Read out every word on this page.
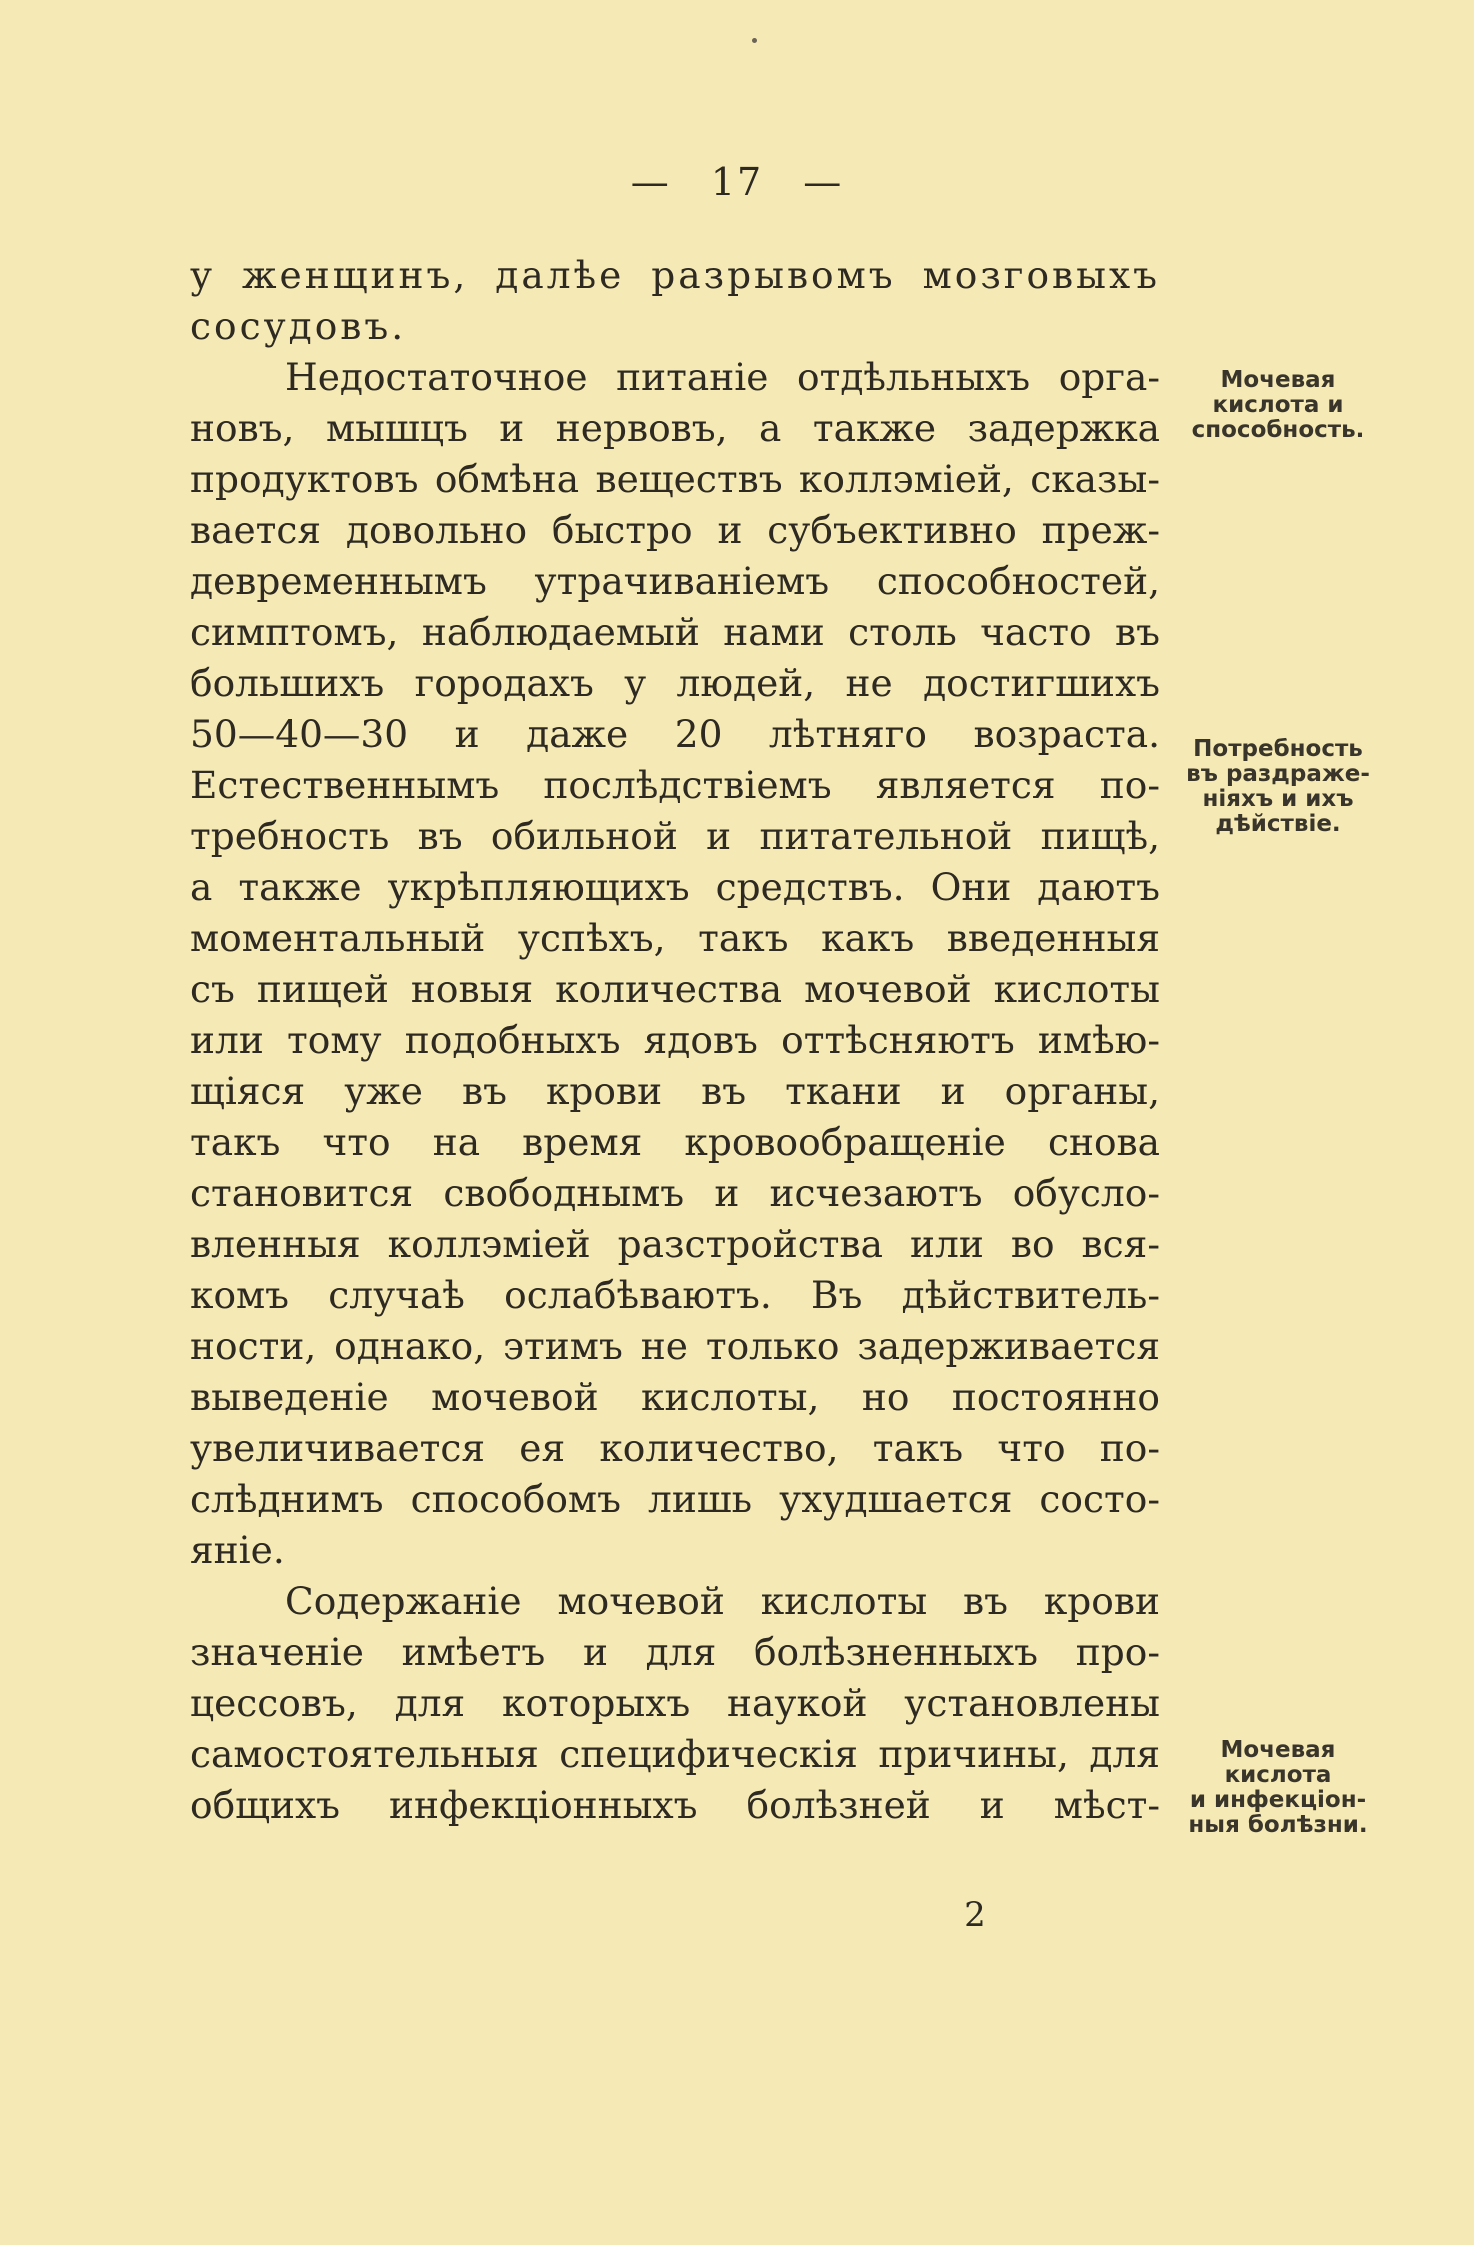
— 17 —
у женщинъ, далѣе разрывомъ мозговыхъ
сосудовъ.
Недостаточное питаніе отдѣльныхъ орга-
новъ, мышцъ и нервовъ, а также задержка
продуктовъ обмѣна веществъ коллэміей, сказы-
вается довольно быстро и субъективно преж-
девременнымъ утрачиваніемъ способностей,
симптомъ, наблюдаемый нами столь часто въ
большихъ городахъ у людей, не достигшихъ
50—40—30 и даже 20 лѣтняго возраста.
Естественнымъ послѣдствіемъ является по-
требность въ обильной и питательной пищѣ,
а также укрѣпляющихъ средствъ. Они даютъ
моментальный успѣхъ, такъ какъ введенныя
съ пищей новыя количества мочевой кислоты
или тому подобныхъ ядовъ оттѣсняютъ имѣю-
щіяся уже въ крови въ ткани и органы,
такъ что на время кровообращеніе снова
становится свободнымъ и исчезаютъ обусло-
вленныя коллэміей разстройства или во вся-
комъ случаѣ ослабѣваютъ. Въ дѣйствитель-
ности, однако, этимъ не только задерживается
выведеніе мочевой кислоты, но постоянно
увеличивается ея количество, такъ что по-
слѣднимъ способомъ лишь ухудшается состо-
яніе.
Содержаніе мочевой кислоты въ крови
значеніе имѣетъ и для болѣзненныхъ про-
цессовъ, для которыхъ наукой установлены
самостоятельныя специфическія причины, для
общихъ инфекціонныхъ болѣзней и мѣст-
Мочевая
кислота и
способность.
Потребность
въ раздраже-
ніяхъ и ихъ
дѣйствіе.
Мочевая
кислота
и инфекціон-
ныя болѣзни.
2
